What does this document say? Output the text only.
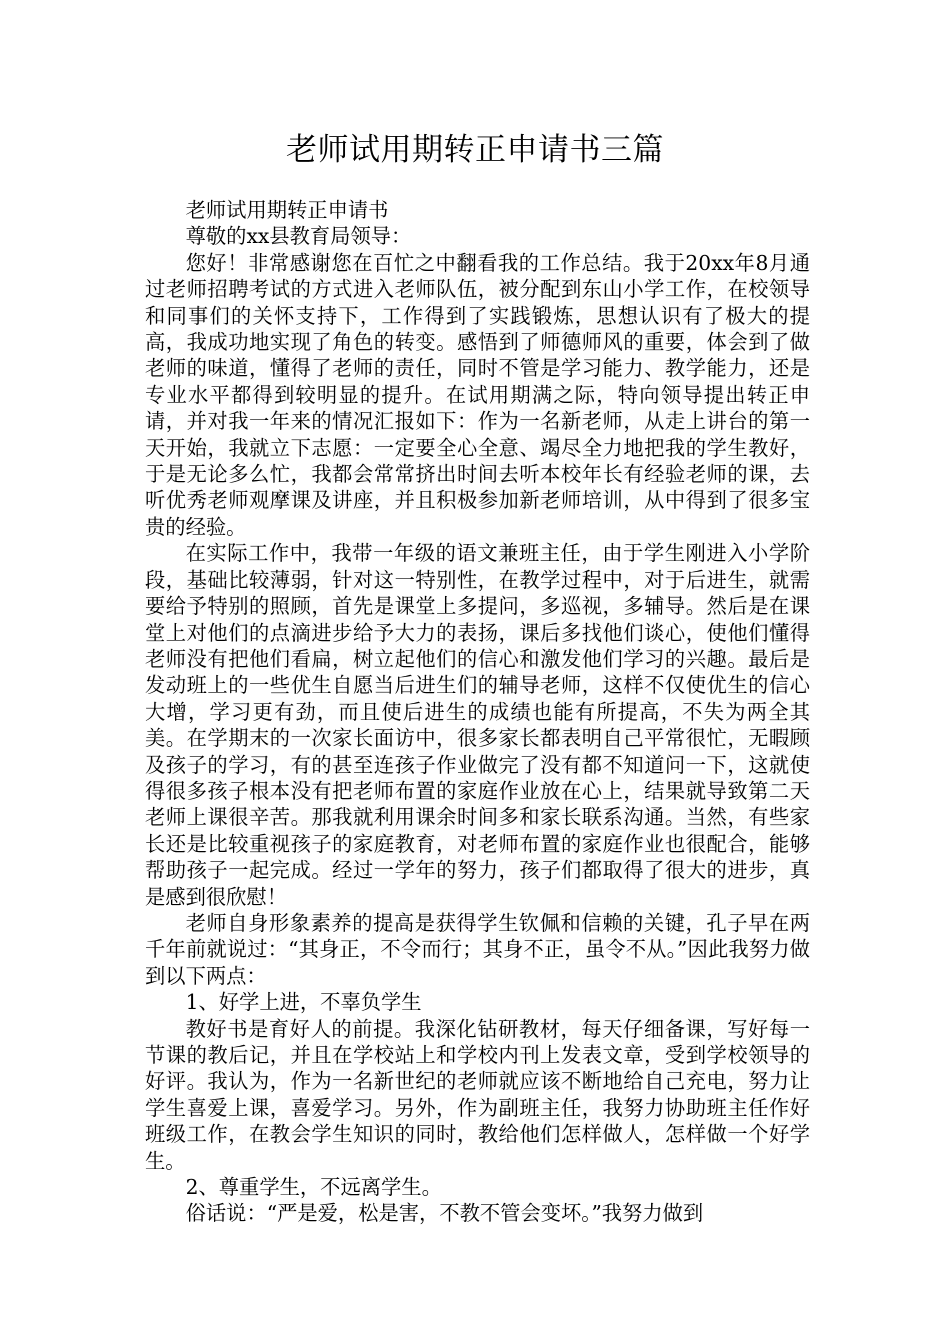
老师试用期转正申请书三篇

老师试用期转正申请书

尊敬的xx县教育局领导：

您好！非常感谢您在百忙之中翻看我的工作总结。我于20xx年8月通过老师招聘考试的方式进入老师队伍，被分配到东山小学工作，在校领导和同事们的关怀支持下，工作得到了实践锻炼，思想认识有了极大的提高，我成功地实现了角色的转变。感悟到了师德师风的重要，体会到了做老师的味道，懂得了老师的责任，同时不管是学习能力、教学能力，还是专业水平都得到较明显的提升。在试用期满之际，特向领导提出转正申请，并对我一年来的情况汇报如下：作为一名新老师，从走上讲台的第一天开始，我就立下志愿：一定要全心全意、竭尽全力地把我的学生教好，于是无论多么忙，我都会常常挤出时间去听本校年长有经验老师的课，去听优秀老师观摩课及讲座，并且积极参加新老师培训，从中得到了很多宝贵的经验。

在实际工作中，我带一年级的语文兼班主任，由于学生刚进入小学阶段，基础比较薄弱，针对这一特别性，在教学过程中，对于后进生，就需要给予特别的照顾，首先是课堂上多提问，多巡视，多辅导。然后是在课堂上对他们的点滴进步给予大力的表扬，课后多找他们谈心，使他们懂得老师没有把他们看扁，树立起他们的信心和激发他们学习的兴趣。最后是发动班上的一些优生自愿当后进生们的辅导老师，这样不仅使优生的信心大增，学习更有劲，而且使后进生的成绩也能有所提高，不失为两全其美。在学期末的一次家长面访中，很多家长都表明自己平常很忙，无暇顾及孩子的学习，有的甚至连孩子作业做完了没有都不知道问一下，这就使得很多孩子根本没有把老师布置的家庭作业放在心上，结果就导致第二天老师上课很辛苦。那我就利用课余时间多和家长联系沟通。当然，有些家长还是比较重视孩子的家庭教育，对老师布置的家庭作业也很配合，能够帮助孩子一起完成。经过一学年的努力，孩子们都取得了很大的进步，真是感到很欣慰！

老师自身形象素养的提高是获得学生钦佩和信赖的关键，孔子早在两千年前就说过：“其身正，不令而行；其身不正，虽令不从。”因此我努力做到以下两点：

1、好学上进，不辜负学生

教好书是育好人的前提。我深化钻研教材，每天仔细备课，写好每一节课的教后记，并且在学校站上和学校内刊上发表文章，受到学校领导的好评。我认为，作为一名新世纪的老师就应该不断地给自己充电，努力让学生喜爱上课，喜爱学习。另外，作为副班主任，我努力协助班主任作好班级工作，在教会学生知识的同时，教给他们怎样做人，怎样做一个好学生。

2、尊重学生，不远离学生。

俗话说：“严是爱，松是害，不教不管会变坏。”我努力做到
